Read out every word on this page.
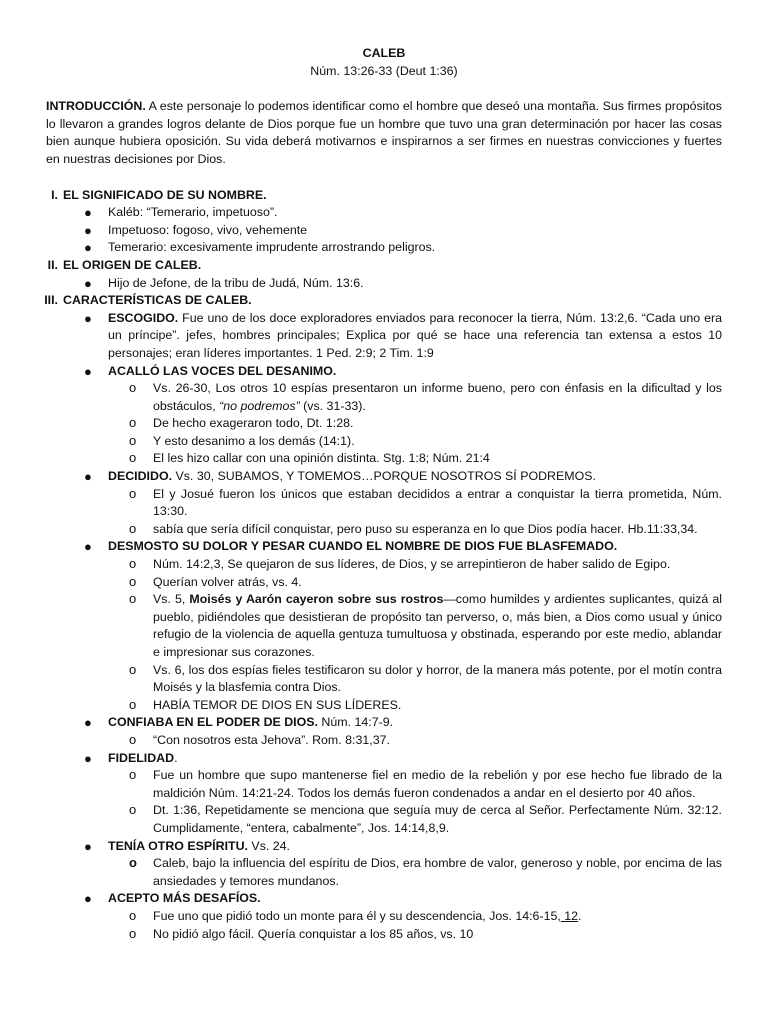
CALEB
Núm. 13:26-33 (Deut 1:36)
INTRODUCCIÓN. A este personaje lo podemos identificar como el hombre que deseó una montaña. Sus firmes propósitos lo llevaron a grandes logros delante de Dios porque fue un hombre que tuvo una gran determinación por hacer las cosas bien aunque hubiera oposición. Su vida deberá motivarnos e inspirarnos a ser firmes en nuestras convicciones y fuertes en nuestras decisiones por Dios.
I. EL SIGNIFICADO DE SU NOMBRE.
● Kaléb: “Temerario, impetuoso”.
● Impetuoso: fogoso, vivo, vehemente
● Temerario: excesivamente imprudente arrostrando peligros.
II. EL ORIGEN DE CALEB.
● Hijo de Jefone, de la tribu de Judá, Núm. 13:6.
III. CARACTERÍSTICAS DE CALEB.
● ESCOGIDO. Fue uno de los doce exploradores enviados para reconocer la tierra, Núm. 13:2,6. “Cada uno era un príncipe”. jefes, hombres principales; Explica por qué se hace una referencia tan extensa a estos 10 personajes; eran líderes importantes. 1 Ped. 2:9; 2 Tim. 1:9
● ACALLÓ LAS VOCES DEL DESANIMO.
o Vs. 26-30, Los otros 10 espías presentaron un informe bueno, pero con énfasis en la dificultad y los obstáculos, “no podremos” (vs. 31-33).
o De hecho exageraron todo, Dt. 1:28.
o Y esto desanimo a los demás (14:1).
o El les hizo callar con una opinión distinta. Stg. 1:8; Núm. 21:4
● DECIDIDO. Vs. 30, SUBAMOS, Y TOMEMOS…PORQUE NOSOTROS SÍ PODREMOS.
o El y Josué fueron los únicos que estaban decididos a entrar a conquistar la tierra prometida, Núm. 13:30.
o sabía que sería difícil conquistar, pero puso su esperanza en lo que Dios podía hacer. Hb.11:33,34.
● DESMOSTO SU DOLOR Y PESAR CUANDO EL NOMBRE DE DIOS FUE BLASFEMADO.
o Núm. 14:2,3, Se quejaron de sus líderes, de Dios, y se arrepintieron de haber salido de Egipo.
o Querían volver atrás, vs. 4.
o Vs. 5, Moisés y Aarón cayeron sobre sus rostros—como humildes y ardientes suplicantes, quizá al pueblo, pidiéndoles que desistieran de propósito tan perverso, o, más bien, a Dios como usual y único refugio de la violencia de aquella gentuza tumultuosa y obstinada, esperando por este medio, ablandar e impresionar sus corazones.
o Vs. 6, los dos espías fieles testificaron su dolor y horror, de la manera más potente, por el motín contra Moisés y la blasfemia contra Dios.
o HABÍA TEMOR DE DIOS EN SUS LÍDERES.
● CONFIABA EN EL PODER DE DIOS. Núm. 14:7-9.
o “Con nosotros esta Jehova”. Rom. 8:31,37.
● FIDELIDAD.
o Fue un hombre que supo mantenerse fiel en medio de la rebelión y por ese hecho fue librado de la maldición Núm. 14:21-24. Todos los demás fueron condenados a andar en el desierto por 40 años.
o Dt. 1:36, Repetidamente se menciona que seguía muy de cerca al Señor. Perfectamente Núm. 32:12. Cumplidamente, “entera, cabalmente”, Jos. 14:14,8,9.
● TENÍA OTRO ESPÍRITU. Vs. 24.
o Caleb, bajo la influencia del espíritu de Dios, era hombre de valor, generoso y noble, por encima de las ansiedades y temores mundanos.
● ACEPTO MÁS DESAFÍOS.
o Fue uno que pidió todo un monte para él y su descendencia, Jos. 14:6-15, 12.
o No pidió algo fácil. Quería conquistar a los 85 años, vs. 10
